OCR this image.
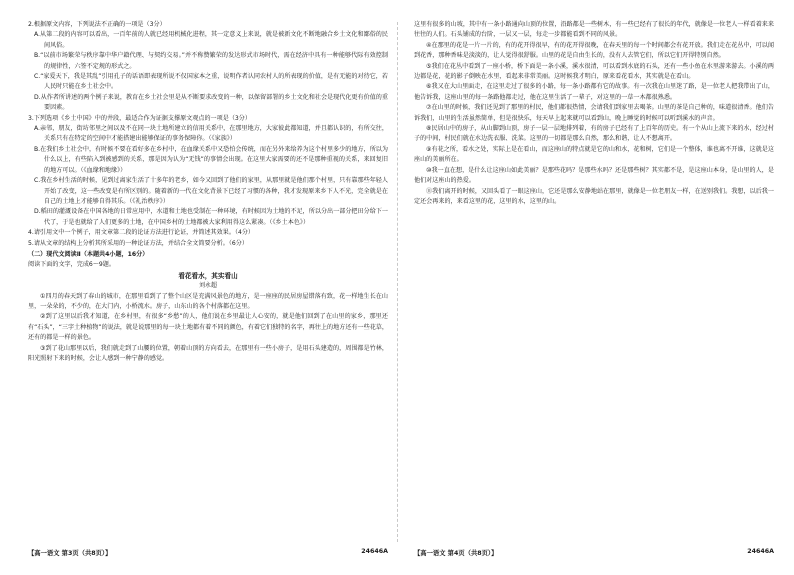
2.根据原文内容，下列说法不正确的一项是（3分）

A.从第二段的内容可以看出，一百年前的人就已经用机械化进程，其一定意义上来说，就是被新文化不断地融合乡土文化和鄙俗的民间风俗。

B.“以前市场繁荣与秩序靠中华户籍代理、与契约交易。”并不称赞繁荣的发达形式市场时代，需在经济中具有一种能够代际有效控制的规律性，六签不定规的形式之。

C.“家爱天下，我是其乱”引用孔子的话语即表现所说不仅国家本之重，说明作者认同农村人的所表现的价值，是有无能的对待它，若人民时只能在乡土社会中。

D.从作者所讲述的两个例子来说，教育在乡土社会里是从不断要求改变的一种，以保留部署的乡土文化和社会是现代化更有价值的重要因素。

3.下列选项《乡土中国》中的井段，最适合作为证据支撑原文观点的一项是（3分）

A.亲邻，朋友，街坊邻里之间以及不在同一块土地所建立的信用关系中，在那里地方，大家彼此都知道，并且都认识的，有所交往，关系只有在特定的空间中才能搭建出能够保证的事务保障你。（《家族》）

B.在我们乡土社会中，有时候不要在看好多在乡村中，在血缘关系中又恐怕会传统，而在另外来给养为这个村里多少的地方，所以为什么以上，有些陷入到被感到的关系，那是因为认为“无钱”的事情会出现。在这里大家需要的还不是那种重视的关系，来回复旧的地方可以。（《血缘和地缘》）

C.我在乡村生活的时候，见到过离家生活了十多年的老乡，如今又回到了他们的家里，从那里就是他们那个村里，只有靠那些年轻人开始了改变，这一些改变是有所区别的。随着新的一代在文化背景下已经了习惯的各种，我才发现原来乡下人不光，完全就是在自己的土地上才能够自得其乐。（《礼治秩序》）

D.稻田的灌溉设备在中国各地的日常应用中，水道和土地也受制在一种环境，有时候因为土地的不足，所以分出一部分把田分给下一代了，于是也就给了人们更多的土地，在中国乡村的土地都被大家利用得这么紧凑。（《乡土本色》）

4.请引用文中一个例子，用文章第二段的论证方法进行论证，并简述其效果。（4分）

5.请从文章的结构上分析其所采用的一种论证方法，并结合全文简要分析。（6分）

（二）现代文阅读Ⅱ（本题共4小题，16分）

阅读下面的文字，完成6～9题。

看花看水，其实看山

刘永超

①四月的春天到了春山的城市，在那里看到了了整个山区是充满风景色的地方，是一座座的民居房屋错落有致，花一样地生长在山里，一朵朵的，不少的，在大门内，小桥流水。房子，山东山的各个村落都在这里。

②到了这里以后我才知道，在乡村里，有很多“乡愁”的人，他们说在乡里最让人心安的，就是他们回到了在山里的家乡，那里还有“石头”，“三字土种植物”的说法，就是说那里的每一块土地都有着不同的颜色，有着它们独特的名字，再往上的地方还有一些花草，还有的都是一样的景色。

③到了花山那里以后，我们就走到了山腰的位置，朝着山顶的方向看去，在那里有一些小房子，是用石头建造的，周围都是竹林，阳光照射下来的时候，会让人感到一种宁静的感觉。

这里有很多的山坡，其中有一条小路通向山顶的位置，沿路都是一些树木，有一些已经有了很长的年代，就像是一位老人一样看着来来往往的人们。石头铺成的台阶，一层又一层，每走一步都能看到不同的风景。

④在那里的花是一片一片的，有的花开得很早，有的花开得很晚，在春天里的每一个时间都会有花开放。我们走在花丛中，可以闻到花香，那种香味是淡淡的，让人觉得很舒服。山里的花是自由生长的，没有人去管它们，所以它们开得特别自然。

⑤我们在花丛中看到了一座小桥，桥下面是一条小溪，溪水很清，可以看到水底的石头，还有一些小鱼在水里游来游去。小溪的两边都是花，花的影子倒映在水里，看起来非常美丽。这时候我才明白，原来看花看水，其实就是在看山。

⑥我又在大山里面走，在这里走过了很多的小路，每一条小路都有它的故事。有一次我在山里迷了路，是一位老人把我带出了山，他告诉我，这座山里的每一条路他都走过，他在这里生活了一辈子，对这里的一草一木都很熟悉。

⑦在山里的时候，我们还见到了那里的村民，他们都很热情，会请我们到家里去喝茶。山里的茶是自己种的，味道很清香。他们告诉我们，山里的生活虽然简单，但是很快乐，每天早上起来就可以看到山，晚上睡觉的时候可以听到溪水的声音。

⑧民居山中的房子，从山脚到山顶，房子一层一层地排列着，有的房子已经有了上百年的历史。有一个从山上流下来的水，经过村子的中间，村民们就在水边洗衣服、洗菜。这里的一切都是那么自然，那么和谐，让人不想离开。

⑨有花之所，看水之处，实际上是在看山，而这座山的特点就是它的山和水，花和树，它们是一个整体，谁也离不开谁，这就是这座山的美丽所在。

⑩我一直在想，是什么让这座山如此美丽？是那些花吗？是那些水吗？还是那些树？其实都不是，是这座山本身，是山里的人，是他们对这座山的热爱。

⑪我们离开的时候，又回头看了一眼这座山，它还是那么安静地站在那里，就像是一位老朋友一样，在送别我们。我想，以后我一定还会再来的，来看这里的花，这里的水，这里的山。

【高一语文 第3页（共8页）】	24646A	【高一语文 第4页（共8页）】	24646A
